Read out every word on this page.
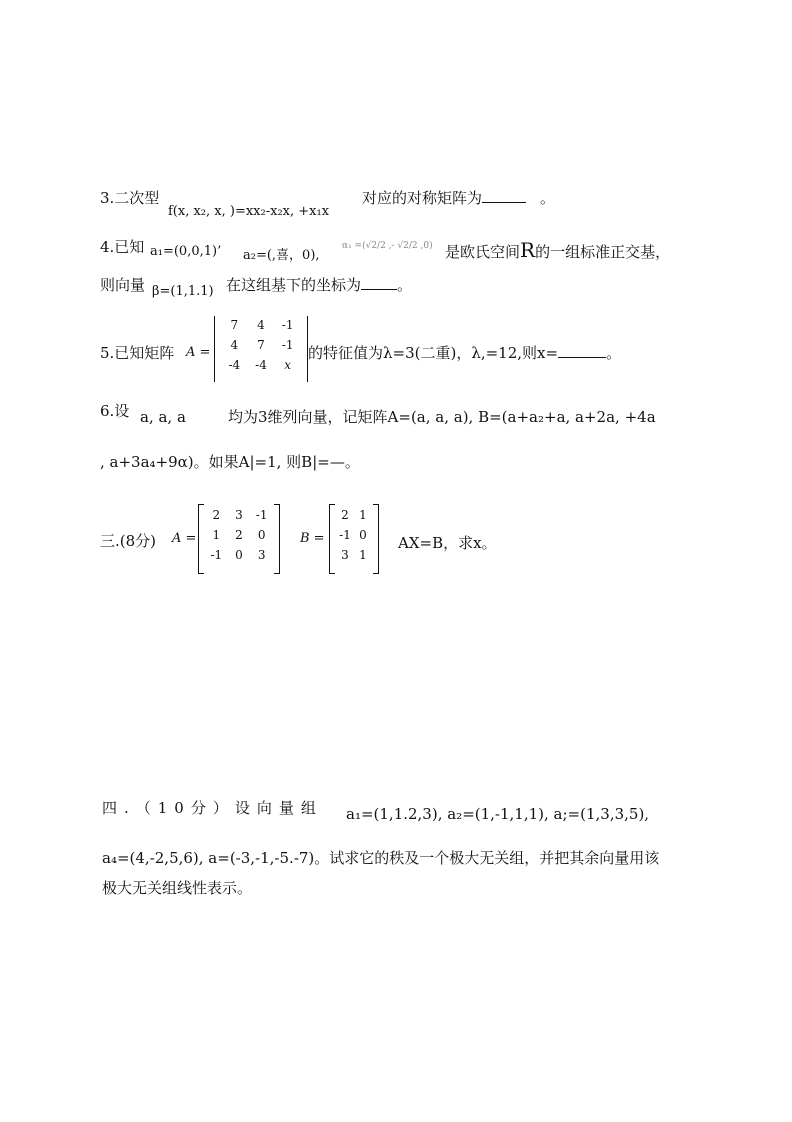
3.二次型
f(x, x₂, x, )=xx₂-x₂x, +x₁x
对应的对称矩阵为	。
4.已知 a₁=(0,0,1)’ a₂=(,喜，0),
α₁ =(√2/2 ,- √2/2 ,0) 是欧氏空间R的一组标准正交基，
则向量 β=(1,1.1) 在这组基下的坐标为 。
5.已知矩阵 A =
7	4	-1
4	7	-1
-4	-4	x
的特征值为λ=3(二重)，λ,=12,则x=	。
6.设 a, a, a	均为3维列向量，记矩阵A=(a, a, a), B=(a+a₂+a, a+2a, +4a
, a+3a₄+9α)。如果A|=1, 则B|=—。
三.(8分) A =
2	3	-1
1	2	0
-1	0	3
B =
2 1
-1 0
3 1
AX=B，求x。
四.（10分）设向量组 a₁=(1,1.2,3), a₂=(1,-1,1,1), a;=(1,3,3,5),
a₄=(4,-2,5,6), a=(-3,-1,-5.-7)。试求它的秩及一个极大无关组，并把其余向量用该
极大无关组线性表示。
